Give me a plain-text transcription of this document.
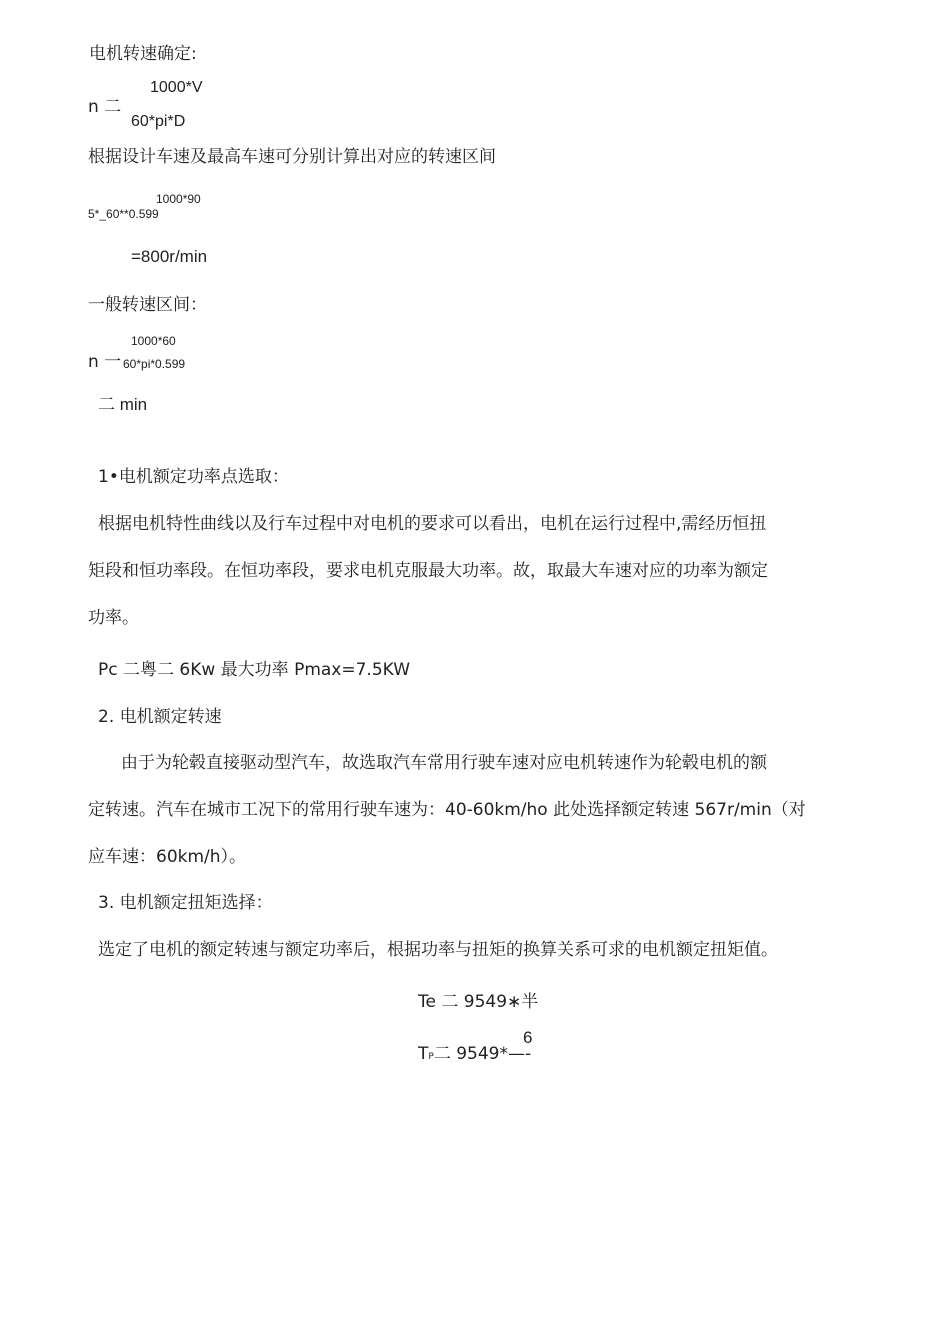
电机转速确定:
1000*V
n 二
60*pi*D
根据设计车速及最高车速可分别计算出对应的转速区间
1000*90
5*_60**0.599
=800r/min
一般转速区间：
1000*60
n 一 60*pi*0.599
二 min
1•电机额定功率点选取：
根据电机特性曲线以及行车过程中对电机的要求可以看出，电机在运行过程中,需经历恒扭
矩段和恒功率段。在恒功率段，要求电机克服最大功率。故，取最大车速对应的功率为额定
功率。
Pc 二粵二 6Kw 最大功率 Pmax=7.5KW
2. 电机额定转速
由于为轮毂直接驱动型汽车，故选取汽车常用行驶车速对应电机转速作为轮毂电机的额
定转速。汽车在城市工况下的常用行驶车速为：40-60km/ho 此处选择额定转速 567r/min（对
应车速：60km/h）。
3. 电机额定扭矩选择：
选定了电机的额定转速与额定功率后，根据功率与扭矩的换算关系可求的电机额定扭矩值。
Te 二 9549∗半
6
TP二 9549*—-
